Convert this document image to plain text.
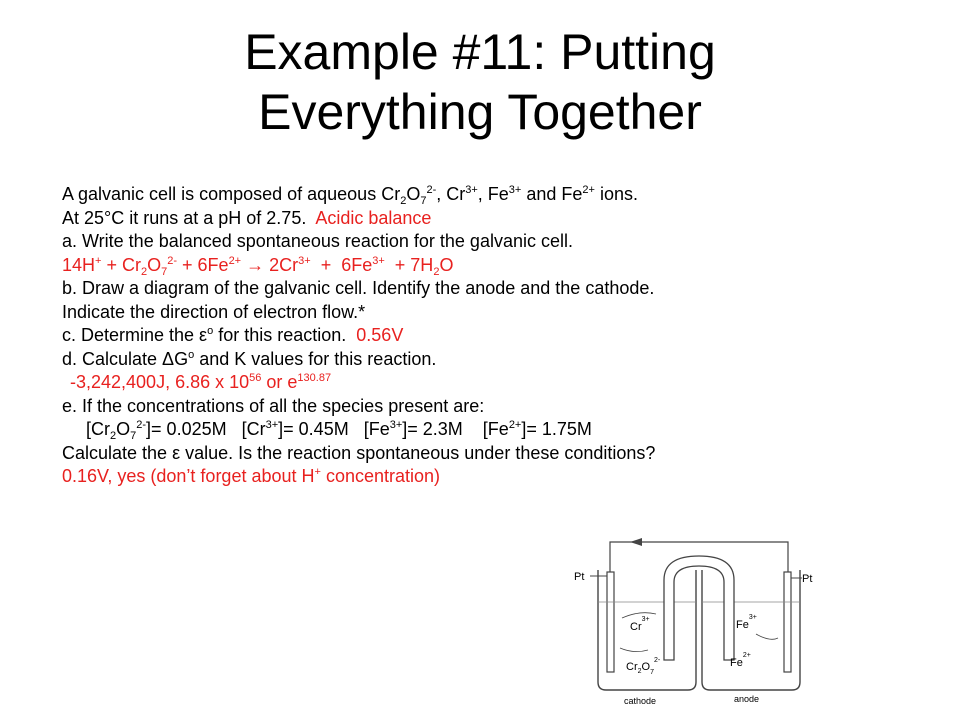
Example #11: Putting
Everything Together
A galvanic cell is composed of aqueous $Cr_2O_7^{2-}$, $Cr^{3+}$, $Fe^{3+}$ and $Fe^{2+}$ ions.
At 25°C it runs at a pH of 2.75.  Acidic balance
a. Write the balanced spontaneous reaction for the galvanic cell.
$14H^+ + Cr_2O_7^{2-} + 6Fe^{2+} \to 2Cr^{3+} + 6Fe^{3+} + 7H_2O$
b. Draw a diagram of the galvanic cell. Identify the anode and the cathode.
Indicate the direction of electron flow.*
c. Determine the $\varepsilon^o$ for this reaction.  0.56V
d. Calculate $\Delta G^o$ and K values for this reaction.
-3,242,400J, 6.86 x $10^{56}$ or $e^{130.87}$
e. If the concentrations of all the species present are:
$[Cr_2O_7^{2-}]= 0.025M$   $[Cr^{3+}]= 0.45M$   $[Fe^{3+}]= 2.3M$    $[Fe^{2+}]= 1.75M$
Calculate the ε value. Is the reaction spontaneous under these conditions?
0.16V, yes (don’t forget about H+ concentration)
Pt	Pt
$Cr^{3+}$
$Cr_2O_7^{2-}$
$Fe^{3+}$
$Fe^{2+}$
cathode	anode
